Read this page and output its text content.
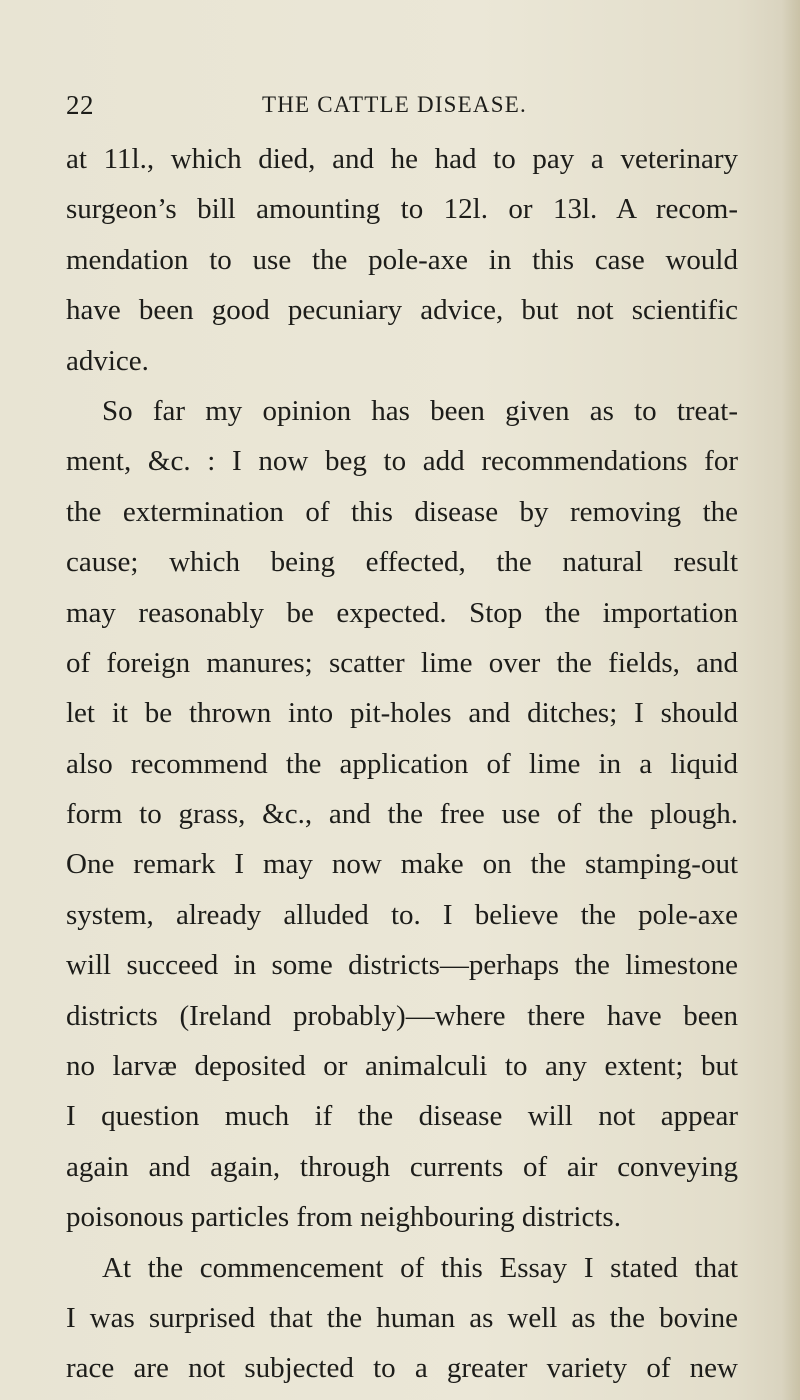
22	THE CATTLE DISEASE.
at 11l., which died, and he had to pay a veterinary
surgeon’s bill amounting to 12l. or 13l. A recom-
mendation to use the pole-axe in this case would
have been good pecuniary advice, but not scientific
advice.
So far my opinion has been given as to treat-
ment, &c. : I now beg to add recommendations for
the extermination of this disease by removing the
cause; which being effected, the natural result
may reasonably be expected. Stop the importation
of foreign manures; scatter lime over the fields, and
let it be thrown into pit-holes and ditches; I should
also recommend the application of lime in a liquid
form to grass, &c., and the free use of the plough.
One remark I may now make on the stamping-out
system, already alluded to. I believe the pole-axe
will succeed in some districts—perhaps the limestone
districts (Ireland probably)—where there have been
no larvæ deposited or animalculi to any extent; but
I question much if the disease will not appear
again and again, through currents of air conveying
poisonous particles from neighbouring districts.
At the commencement of this Essay I stated that
I was surprised that the human as well as the bovine
race are not subjected to a greater variety of new
